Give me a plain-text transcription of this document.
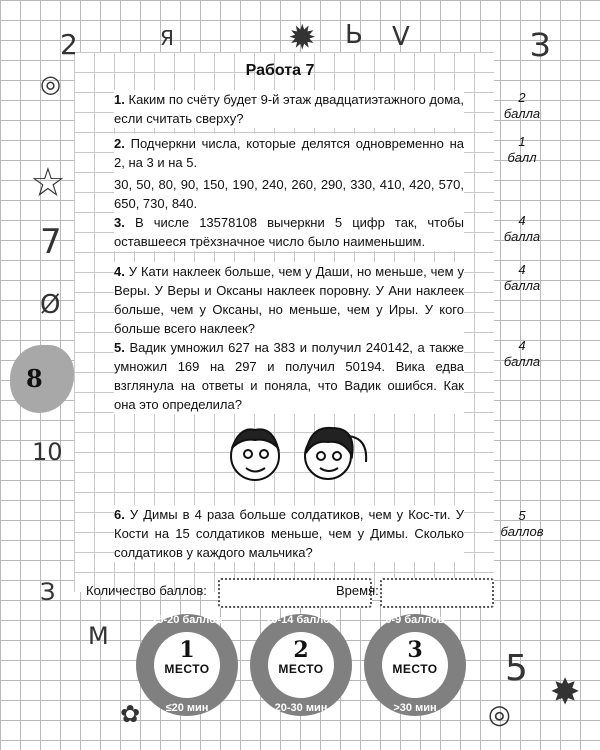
2	Я	✹ Ь V	З
◎
☆
7
Ø
10
З
M
5
✸
✿	◎
8
Работа 7
1. Каким по счёту будет 9-й этаж двадцатиэтажного дома, если считать сверху?
2
балла
2. Подчеркни числа, которые делятся одновременно на 2, на 3 и на 5.
30, 50, 80, 90, 150, 190, 240, 260, 290, 330, 410, 420, 570, 650, 730, 840.
1
балл
3. В числе 13578108 вычеркни 5 цифр так, чтобы оставшееся трёхзначное число было наименьшим.
4
балла
4. У Кати наклеек больше, чем у Даши, но меньше, чем у Веры. У Веры и Оксаны наклеек поровну. У Ани наклеек больше, чем у Оксаны, но меньше, чем у Иры. У кого больше всего наклеек?
4
балла
5. Вадик умножил 627 на 383 и получил 240142, а также умножил 169 на 297 и получил 50194. Вика едва взглянула на ответы и поняла, что Вадик ошибся. Как она это определила?
4
балла
6. У Димы в 4 раза больше солдатиков, чем у Кос-ти. У Кости на 15 солдатиков меньше, чем у Димы. Сколько солдатиков у каждого мальчика?
5
баллов
Количество баллов:	Время:
15-20 баллов
1
МЕСТО
≤20 мин
10-14 баллов
2
МЕСТО
20-30 мин
0-9 баллов
3
МЕСТО
>30 мин
